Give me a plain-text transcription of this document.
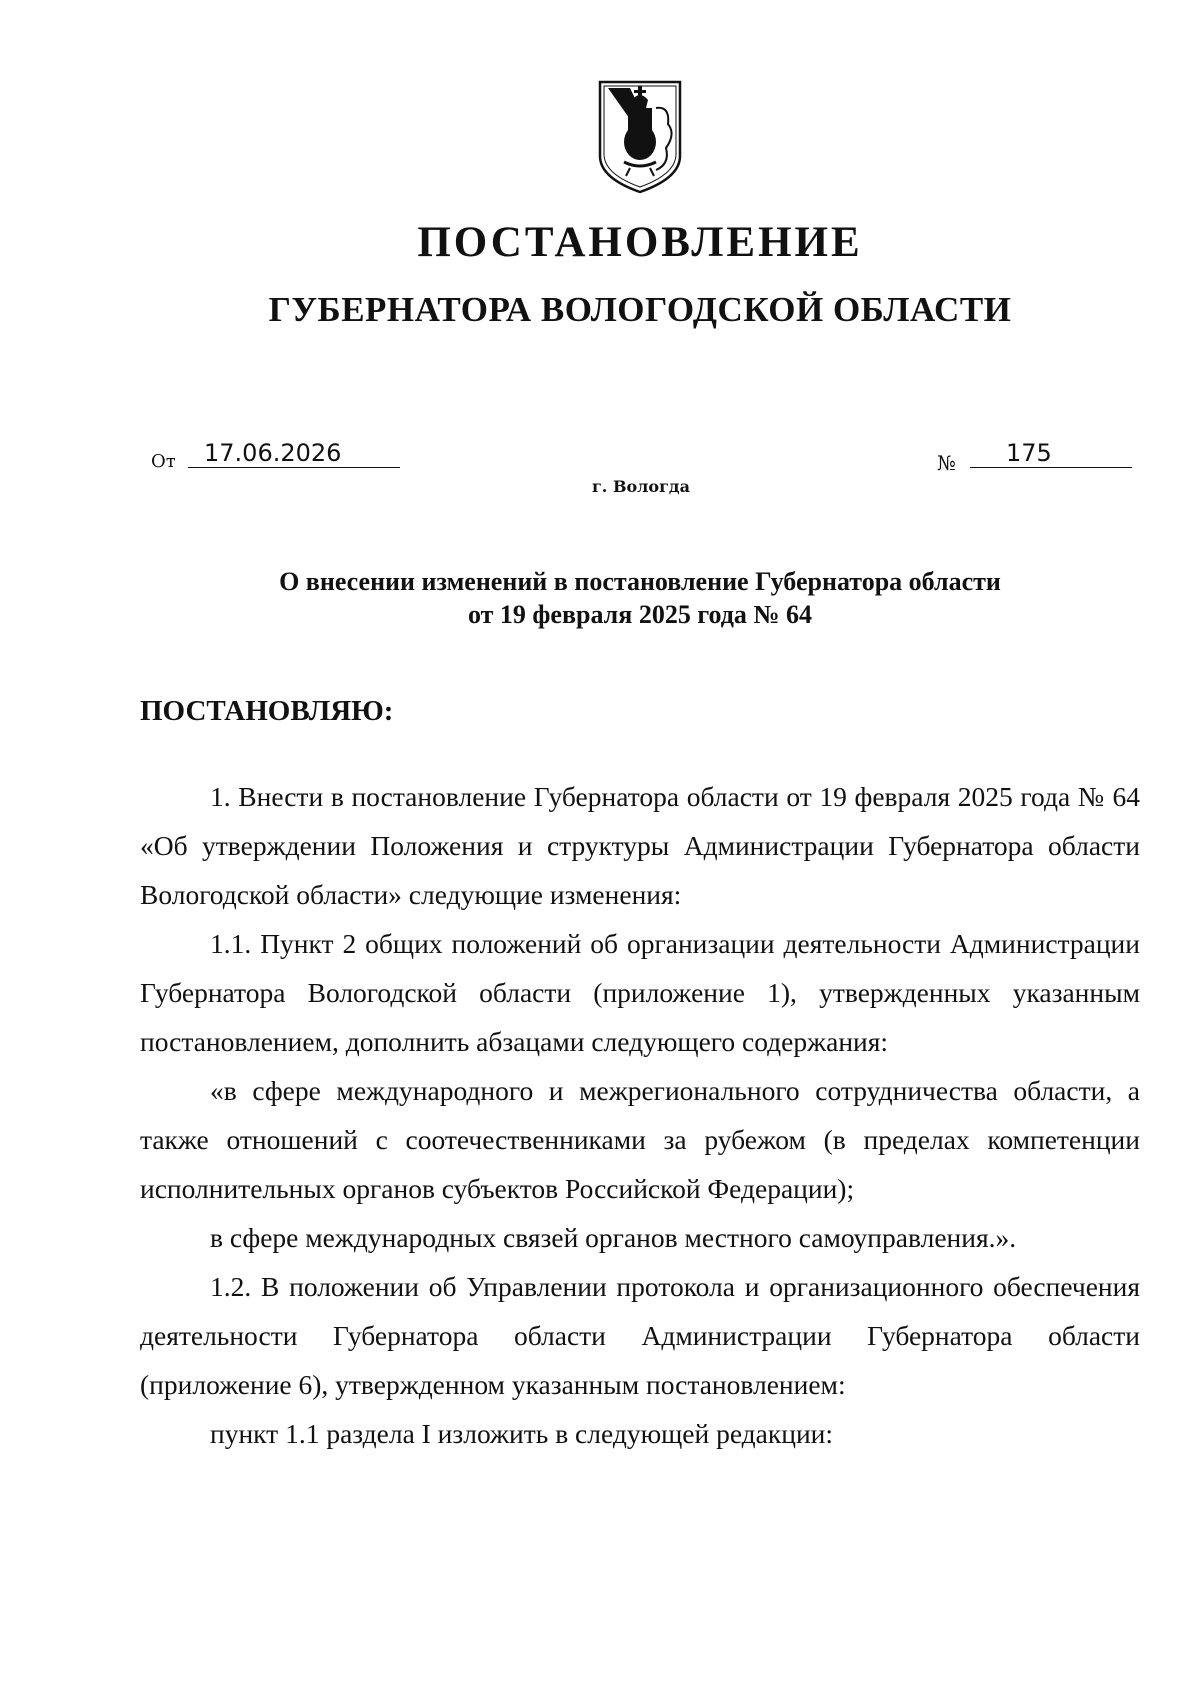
ПОСТАНОВЛЕНИЕ
ГУБЕРНАТОРА ВОЛОГОДСКОЙ ОБЛАСТИ
От	17.06.2026	№	175
г. Вологда
О внесении изменений в постановление Губернатора области
от 19 февраля 2025 года № 64
ПОСТАНОВЛЯЮ:

1. Внести в постановление Губернатора области от 19 февраля 2025 года № 64 «Об утверждении Положения и структуры Администрации Губернатора области Вологодской области» следующие изменения:

1.1. Пункт 2 общих положений об организации деятельности Администрации Губернатора Вологодской области (приложение 1), утвержденных указанным постановлением, дополнить абзацами следующего содержания:

«в сфере международного и межрегионального сотрудничества области, а также отношений с соотечественниками за рубежом (в пределах компетенции исполнительных органов субъектов Российской Федерации);

в сфере международных связей органов местного самоуправления.».

1.2. В положении об Управлении протокола и организационного обеспечения деятельности Губернатора области Администрации Губернатора области (приложение 6), утвержденном указанным постановлением:

пункт 1.1 раздела I изложить в следующей редакции:
